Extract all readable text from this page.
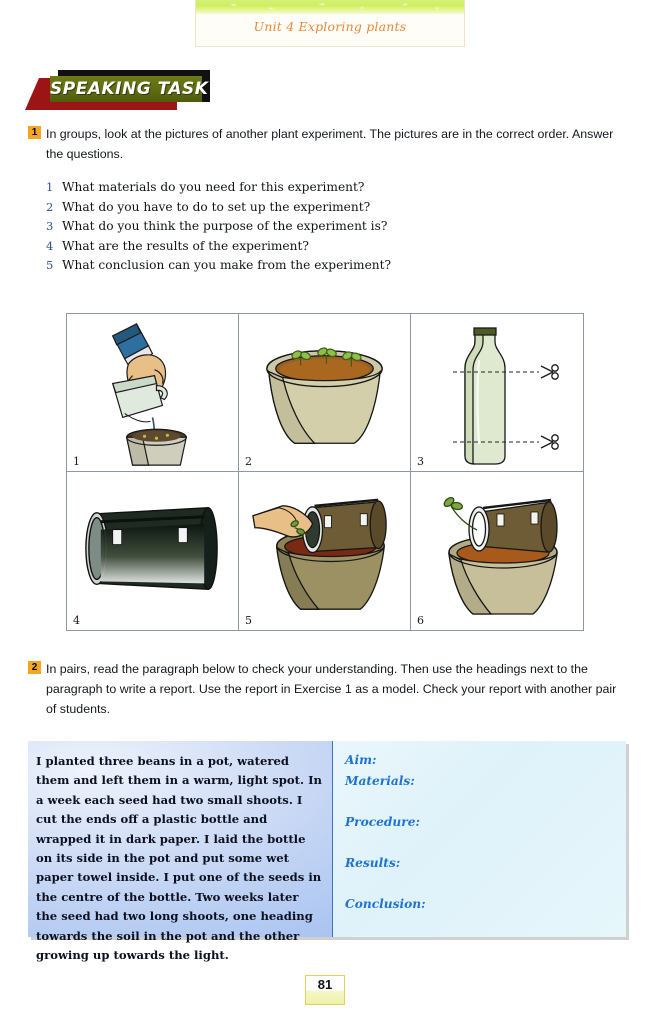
Unit 4 Exploring plants
SPEAKING TASK
1 In groups, look at the pictures of another plant experiment. The pictures are in the correct order. Answer the questions.
1 What materials do you need for this experiment?
2 What do you have to do to set up the experiment?
3 What do you think the purpose of the experiment is?
4 What are the results of the experiment?
5 What conclusion can you make from the experiment?
1	2	3
4	5	6
2 In pairs, read the paragraph below to check your understanding. Then use the headings next to the paragraph to write a report. Use the report in Exercise 1 as a model. Check your report with another pair of students.
I planted three beans in a pot, watered them and left them in a warm, light spot. In a week each seed had two small shoots. I cut the ends off a plastic bottle and wrapped it in dark paper. I laid the bottle on its side in the pot and put some wet paper towel inside. I put one of the seeds in the centre of the bottle. Two weeks later the seed had two long shoots, one heading towards the soil in the pot and the other growing up towards the light.
Aim:
Materials:
Procedure:
Results:
Conclusion:
81
